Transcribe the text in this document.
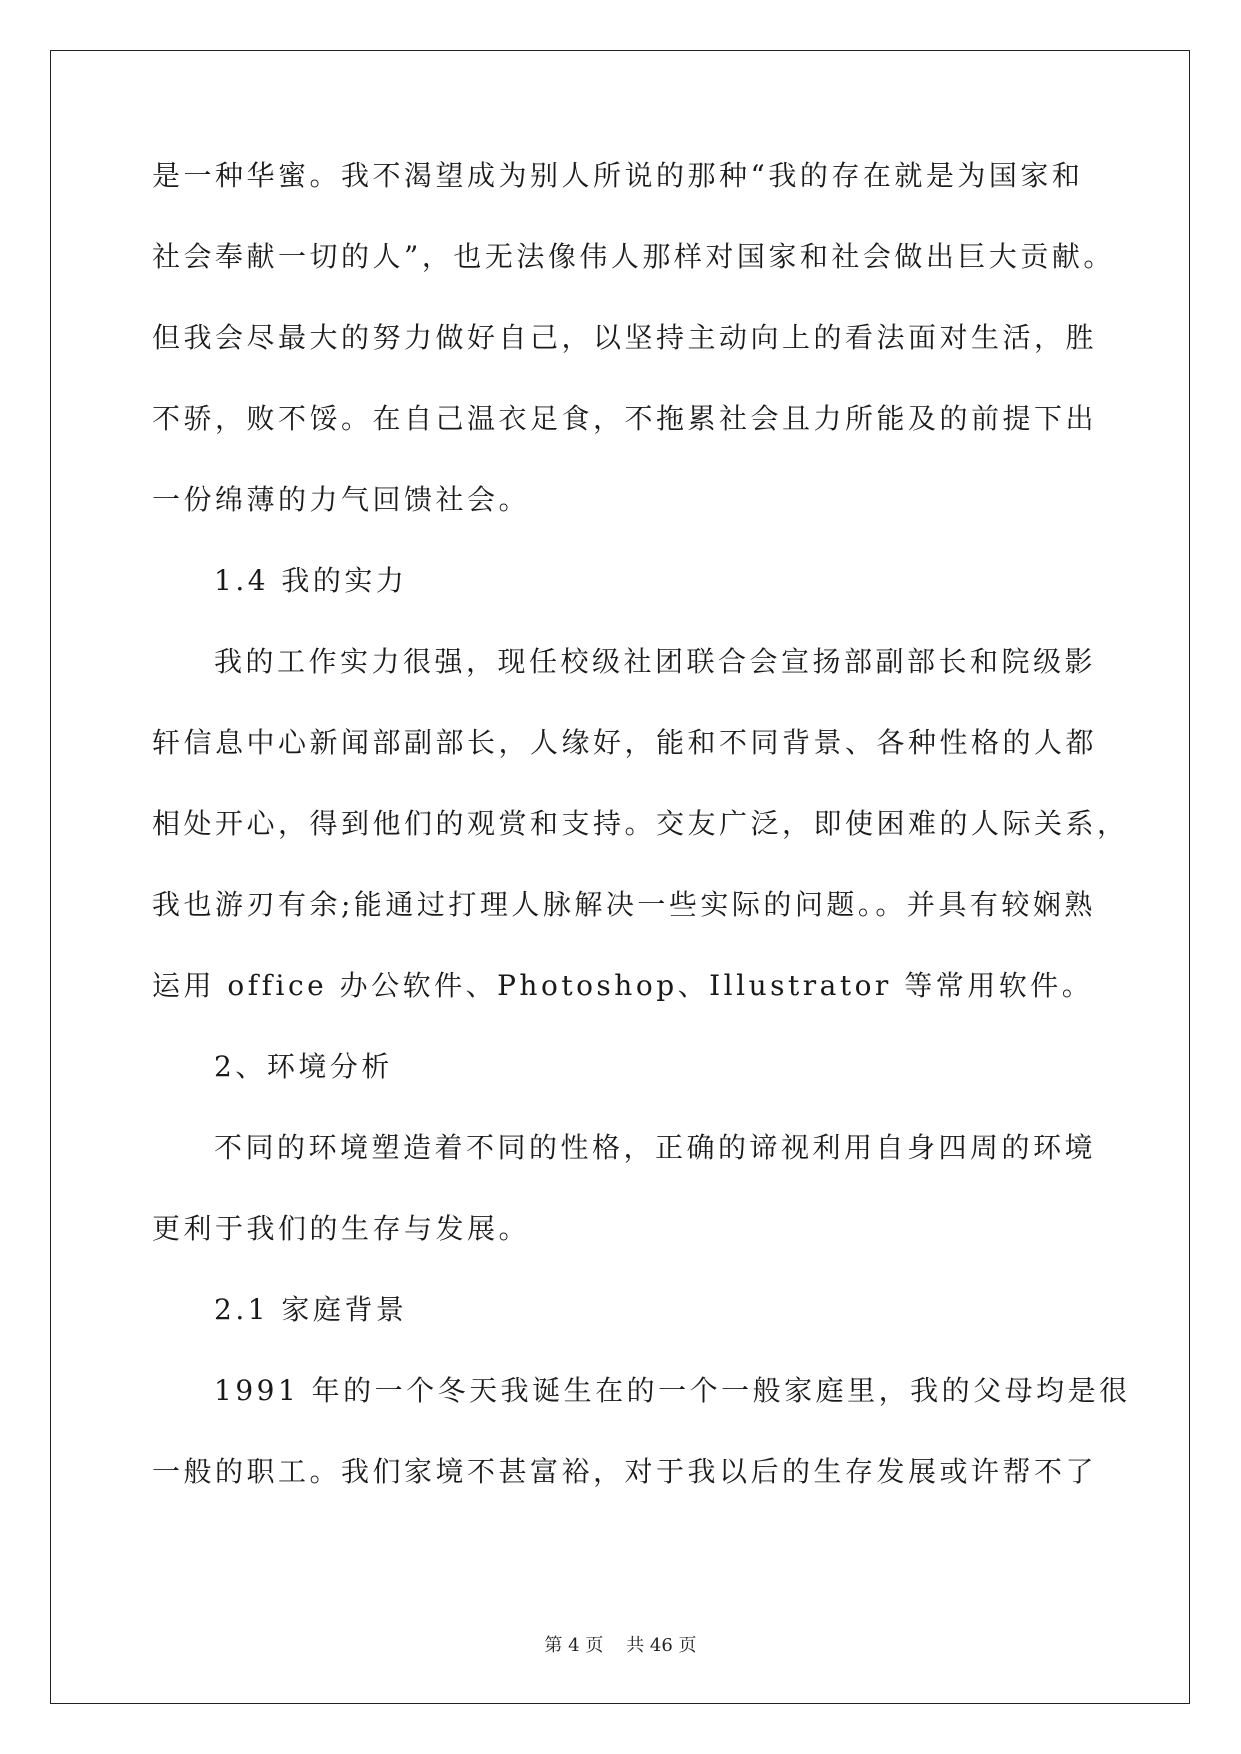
是一种华蜜。我不渴望成为别人所说的那种“我的存在就是为国家和

社会奉献一切的人”，也无法像伟人那样对国家和社会做出巨大贡献。

但我会尽最大的努力做好自己，以坚持主动向上的看法面对生活，胜

不骄，败不馁。在自己温衣足食，不拖累社会且力所能及的前提下出

一份绵薄的力气回馈社会。

1.4 我的实力

我的工作实力很强，现任校级社团联合会宣扬部副部长和院级影

轩信息中心新闻部副部长，人缘好，能和不同背景、各种性格的人都

相处开心，得到他们的观赏和支持。交友广泛，即使困难的人际关系，

我也游刃有余;能通过打理人脉解决一些实际的问题。。并具有较娴熟

运用 office 办公软件、Photoshop、Illustrator 等常用软件。

2、环境分析

不同的环境塑造着不同的性格，正确的谛视利用自身四周的环境

更利于我们的生存与发展。

2.1 家庭背景

1991 年的一个冬天我诞生在的一个一般家庭里，我的父母均是很

一般的职工。我们家境不甚富裕，对于我以后的生存发展或许帮不了

第 4 页    共 46 页
